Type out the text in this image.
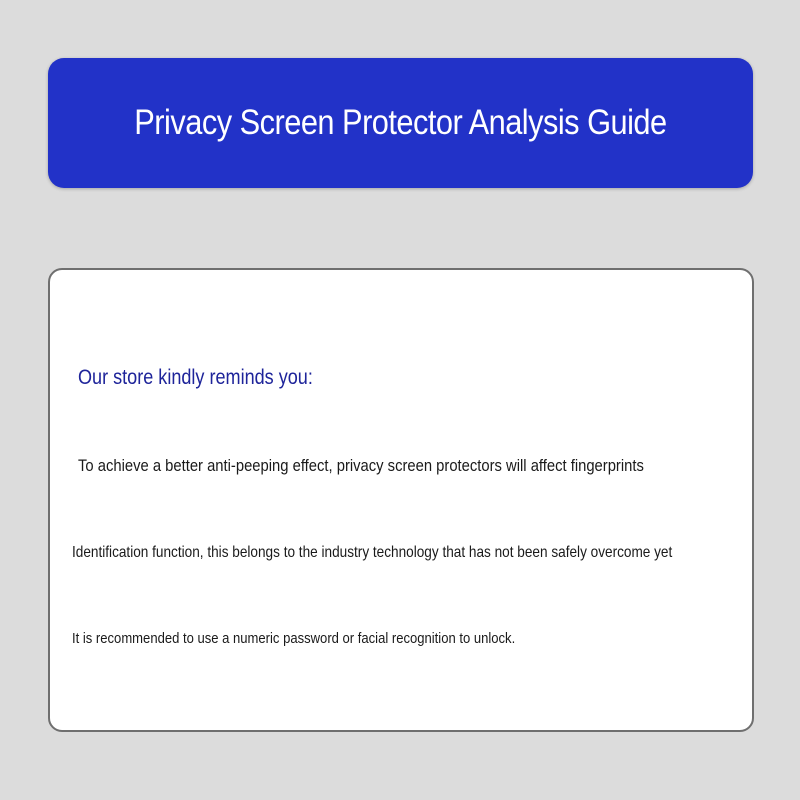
Privacy Screen Protector Analysis Guide

Our store kindly reminds you:

To achieve a better anti-peeping effect, privacy screen protectors will affect fingerprints

Identification function, this belongs to the industry technology that has not been safely overcome yet

It is recommended to use a numeric password or facial recognition to unlock.
